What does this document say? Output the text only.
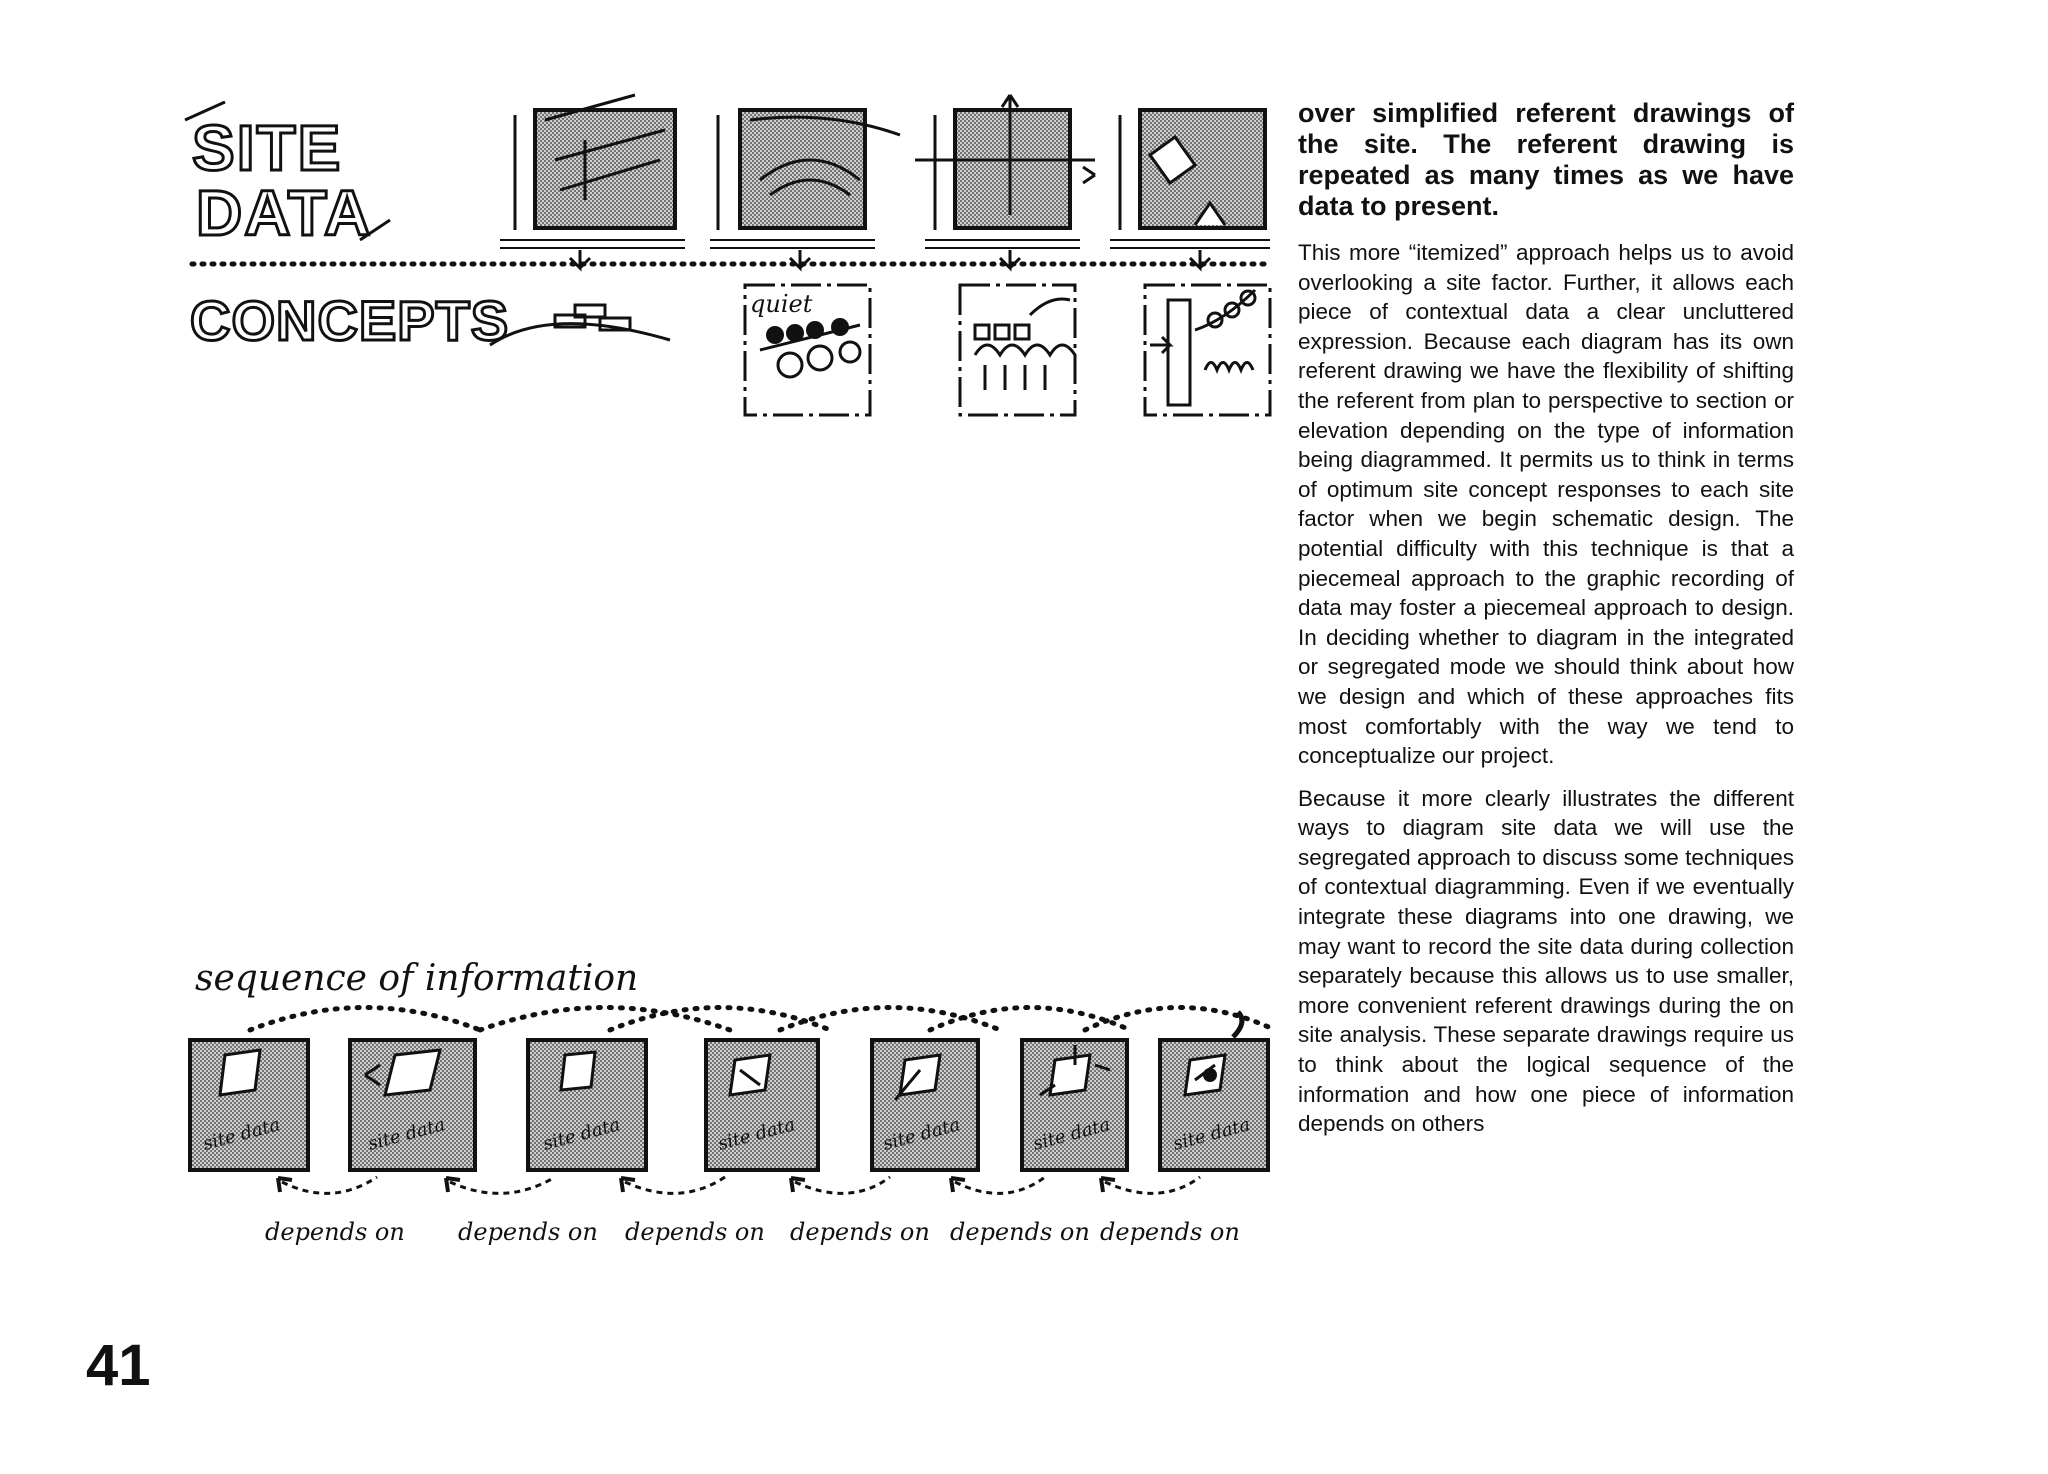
SITE
DATA
CONCEPTS	quiet
sequence of information
site data	site data	site data	site data	site data	site data	site data
depends on depends on depends on depends on depends on depends on
over simplified referent drawings of the site. The referent drawing is repeated as many times as we have data to present.

This more “itemized” approach helps us to avoid overlooking a site factor. Further, it allows each piece of contextual data a clear uncluttered expression. Because each diagram has its own referent drawing we have the flexibility of shifting the referent from plan to perspective to section or elevation depending on the type of information being diagrammed. It permits us to think in terms of optimum site concept responses to each site factor when we begin schematic design. The potential difficulty with this technique is that a piecemeal approach to the graphic recording of data may foster a piecemeal approach to design. In deciding whether to diagram in the integrated or segregated mode we should think about how we design and which of these approaches fits most comfortably with the way we tend to conceptualize our project.

Because it more clearly illustrates the different ways to diagram site data we will use the segregated approach to discuss some techniques of contextual diagramming. Even if we eventually integrate these diagrams into one drawing, we may want to record the site data during collection separately because this allows us to use smaller, more convenient referent drawings during the on site analysis. These separate drawings require us to think about the logical sequence of the information and how one piece of information depends on others

41
